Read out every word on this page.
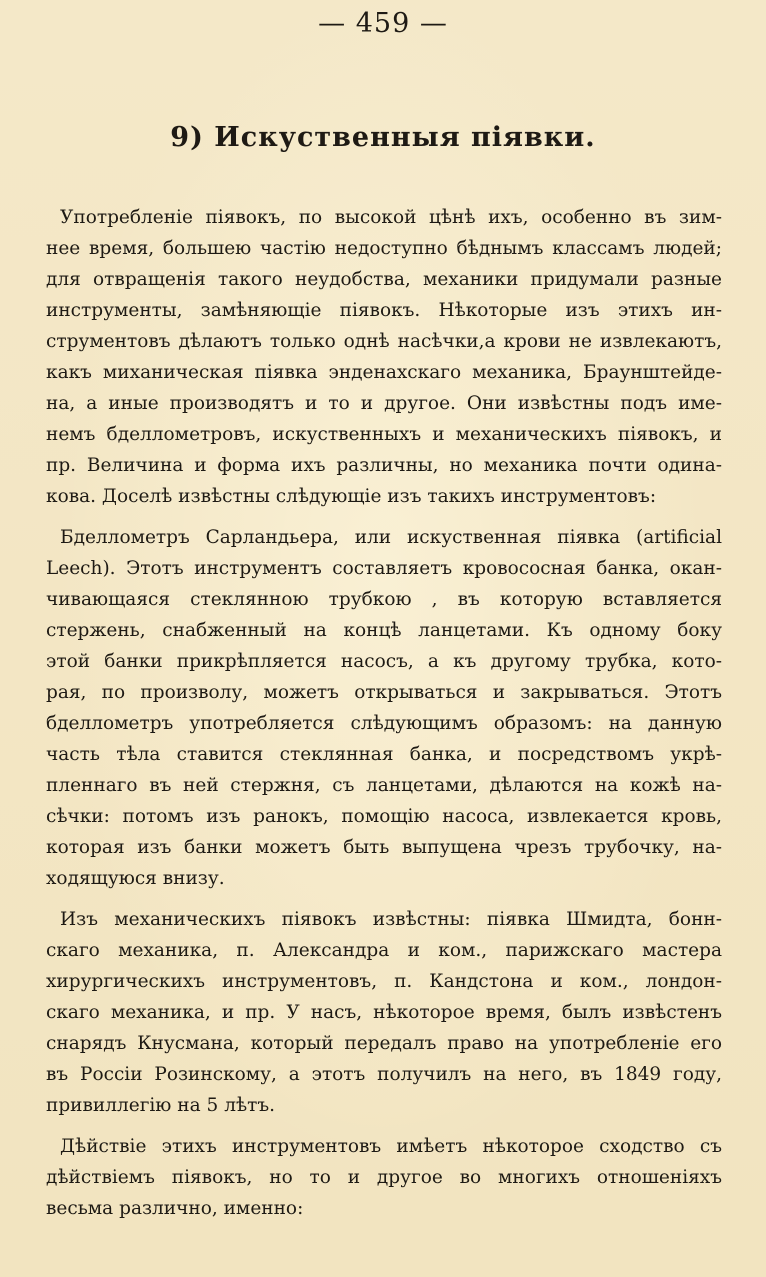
— 459 —
9) Искуственныя піявки.
Употребленіе піявокъ, по высокой цѣнѣ ихъ, особенно въ зим-
нее время, большею частію недоступно бѣднымъ классамъ людей;
для отвращенія такого неудобства, механики придумали разные
инструменты, замѣняющіе піявокъ. Нѣкоторые изъ этихъ ин-
струментовъ дѣлаютъ только однѣ насѣчки,а крови не извлекаютъ,
какъ миханическая піявка энденахскаго механика, Браунштейде-
на, а иные производятъ и то и другое. Они извѣстны подъ име-
немъ бделлометровъ, искуственныхъ и механическихъ піявокъ, и
пр. Величина и форма ихъ различны, но механика почти одина-
кова. Доселѣ извѣстны слѣдующіе изъ такихъ инструментовъ:
Бделлометръ Сарландьера, или искуственная піявка (artificial
Leech). Этотъ инструментъ составляетъ кровососная банка, окан-
чивающаяся стеклянною трубкою , въ которую вставляется
стержень, снабженный на концѣ ланцетами. Къ одному боку
этой банки прикрѣпляется насосъ, а къ другому трубка, кото-
рая, по произволу, можетъ открываться и закрываться. Этотъ
бделлометръ употребляется слѣдующимъ образомъ: на данную
часть тѣла ставится стеклянная банка, и посредствомъ укрѣ-
пленнаго въ ней стержня, съ ланцетами, дѣлаются на кожѣ на-
сѣчки: потомъ изъ ранокъ, помощію насоса, извлекается кровь,
которая изъ банки можетъ быть выпущена чрезъ трубочку, на-
ходящуюся внизу.
Изъ механическихъ піявокъ извѣстны: піявка Шмидта, бонн-
скаго механика, п. Александра и ком., парижскаго мастера
хирургическихъ инструментовъ, п. Кандстона и ком., лондон-
скаго механика, и пр. У насъ, нѣкоторое время, былъ извѣстенъ
снарядъ Кнусмана, который передалъ право на употребленіе его
въ Россіи Розинскому, а этотъ получилъ на него, въ 1849 году,
привиллегію на 5 лѣтъ.
Дѣйствіе этихъ инструментовъ имѣетъ нѣкоторое сходство съ
дѣйствіемъ піявокъ, но то и другое во многихъ отношеніяхъ
весьма различно, именно:
